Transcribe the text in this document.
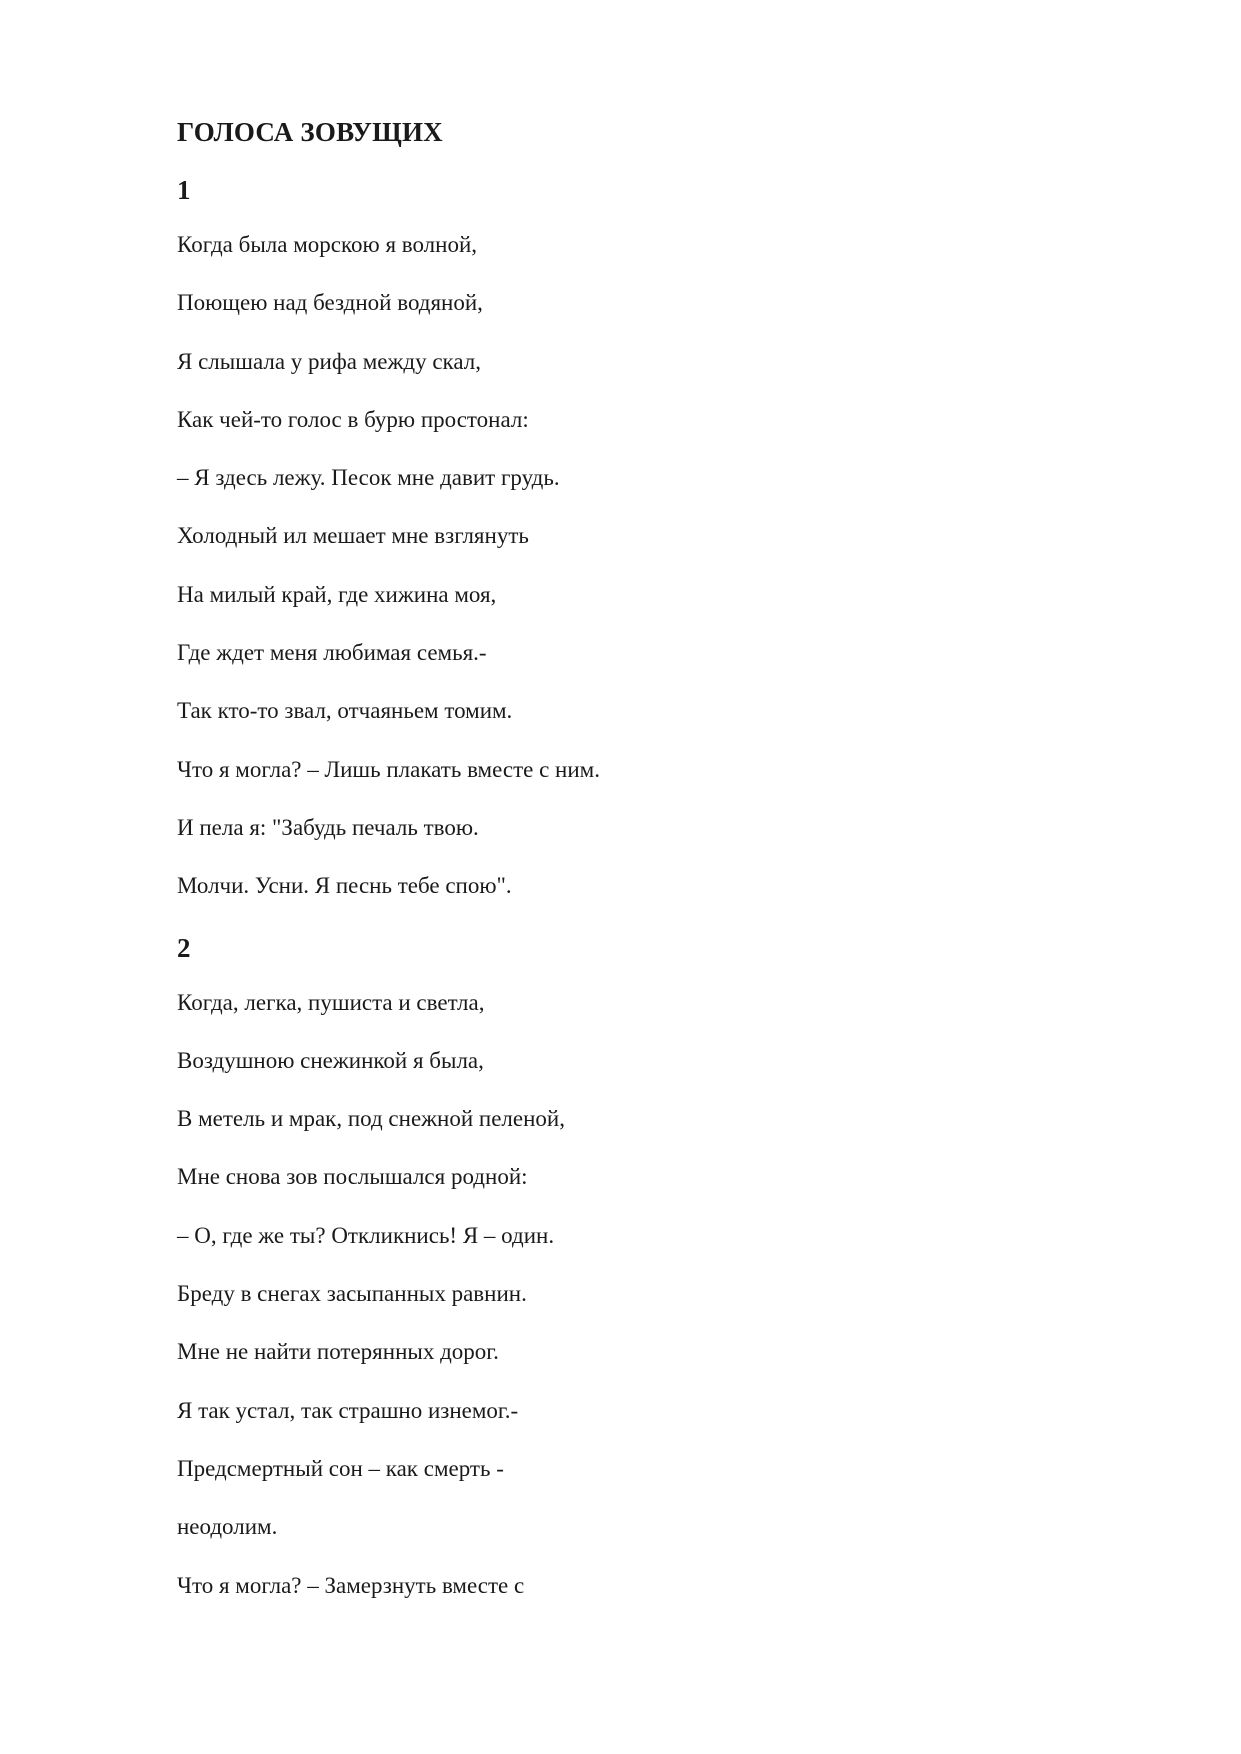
ГОЛОСА ЗОВУЩИХ
1
Когда была морскою я волной,
Поющею над бездной водяной,
Я слышала у рифа между скал,
Как чей-то голос в бурю простонал:
– Я здесь лежу. Песок мне давит грудь.
Холодный ил мешает мне взглянуть
На милый край, где хижина моя,
Где ждет меня любимая семья.-
Так кто-то звал, отчаяньем томим.
Что я могла? – Лишь плакать вместе с ним.
И пела я: "Забудь печаль твою.
Молчи. Усни. Я песнь тебе спою".
2
Когда, легка, пушиста и светла,
Воздушною снежинкой я была,
В метель и мрак, под снежной пеленой,
Мне снова зов послышался родной:
– О, где же ты? Откликнись! Я – один.
Бреду в снегах засыпанных равнин.
Мне не найти потерянных дорог.
Я так устал, так страшно изнемог.-
Предсмертный сон – как смерть -
неодолим.
Что я могла? – Замерзнуть вместе с
